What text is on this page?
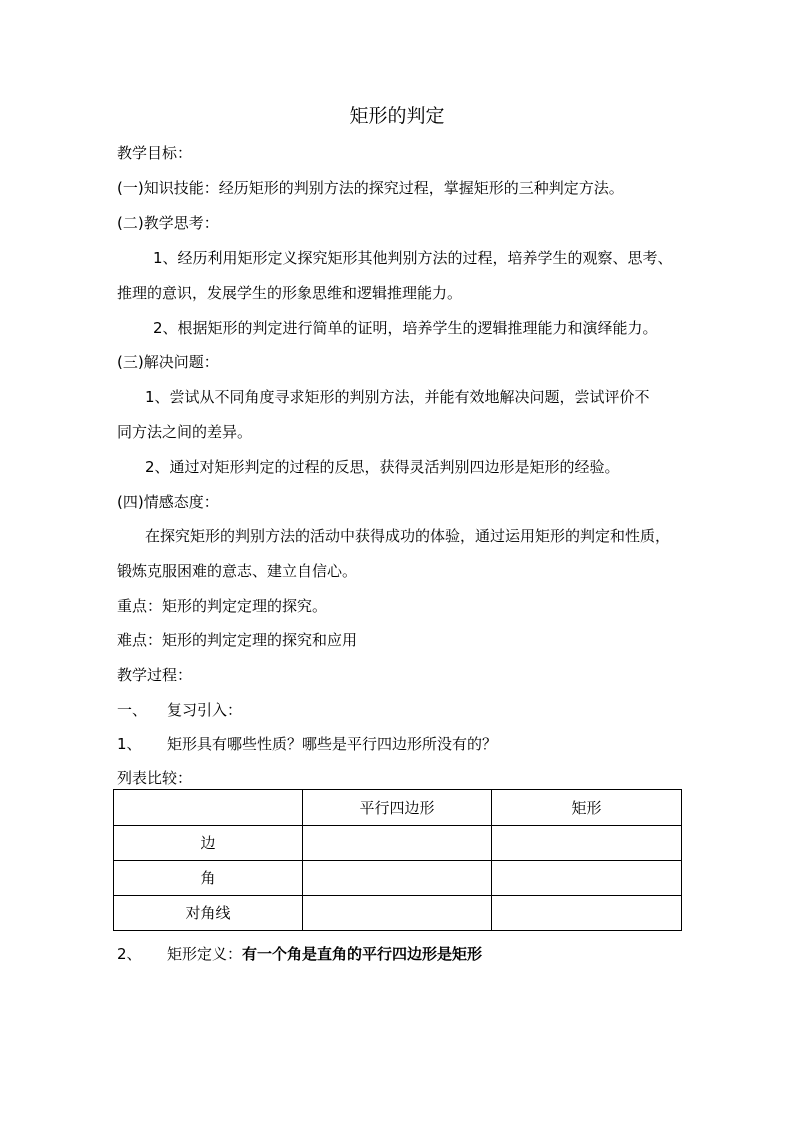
矩形的判定
教学目标：
(一)知识技能：经历矩形的判别方法的探究过程，掌握矩形的三种判定方法。
(二)教学思考：
1、经历利用矩形定义探究矩形其他判别方法的过程，培养学生的观察、思考、
推理的意识，发展学生的形象思维和逻辑推理能力。
2、根据矩形的判定进行简单的证明，培养学生的逻辑推理能力和演绎能力。
(三)解决问题：
1、尝试从不同角度寻求矩形的判别方法，并能有效地解决问题，尝试评价不
同方法之间的差异。
2、通过对矩形判定的过程的反思，获得灵活判别四边形是矩形的经验。
(四)情感态度：
在探究矩形的判别方法的活动中获得成功的体验，通过运用矩形的判定和性质，
锻炼克服困难的意志、建立自信心。
重点：矩形的判定定理的探究。
难点：矩形的判定定理的探究和应用
教学过程：
一、 复习引入：
1、 矩形具有哪些性质？哪些是平行四边形所没有的？
列表比较：
	平行四边形	矩形
边		
角		
对角线		
2、 矩形定义：有一个角是直角的平行四边形是矩形
